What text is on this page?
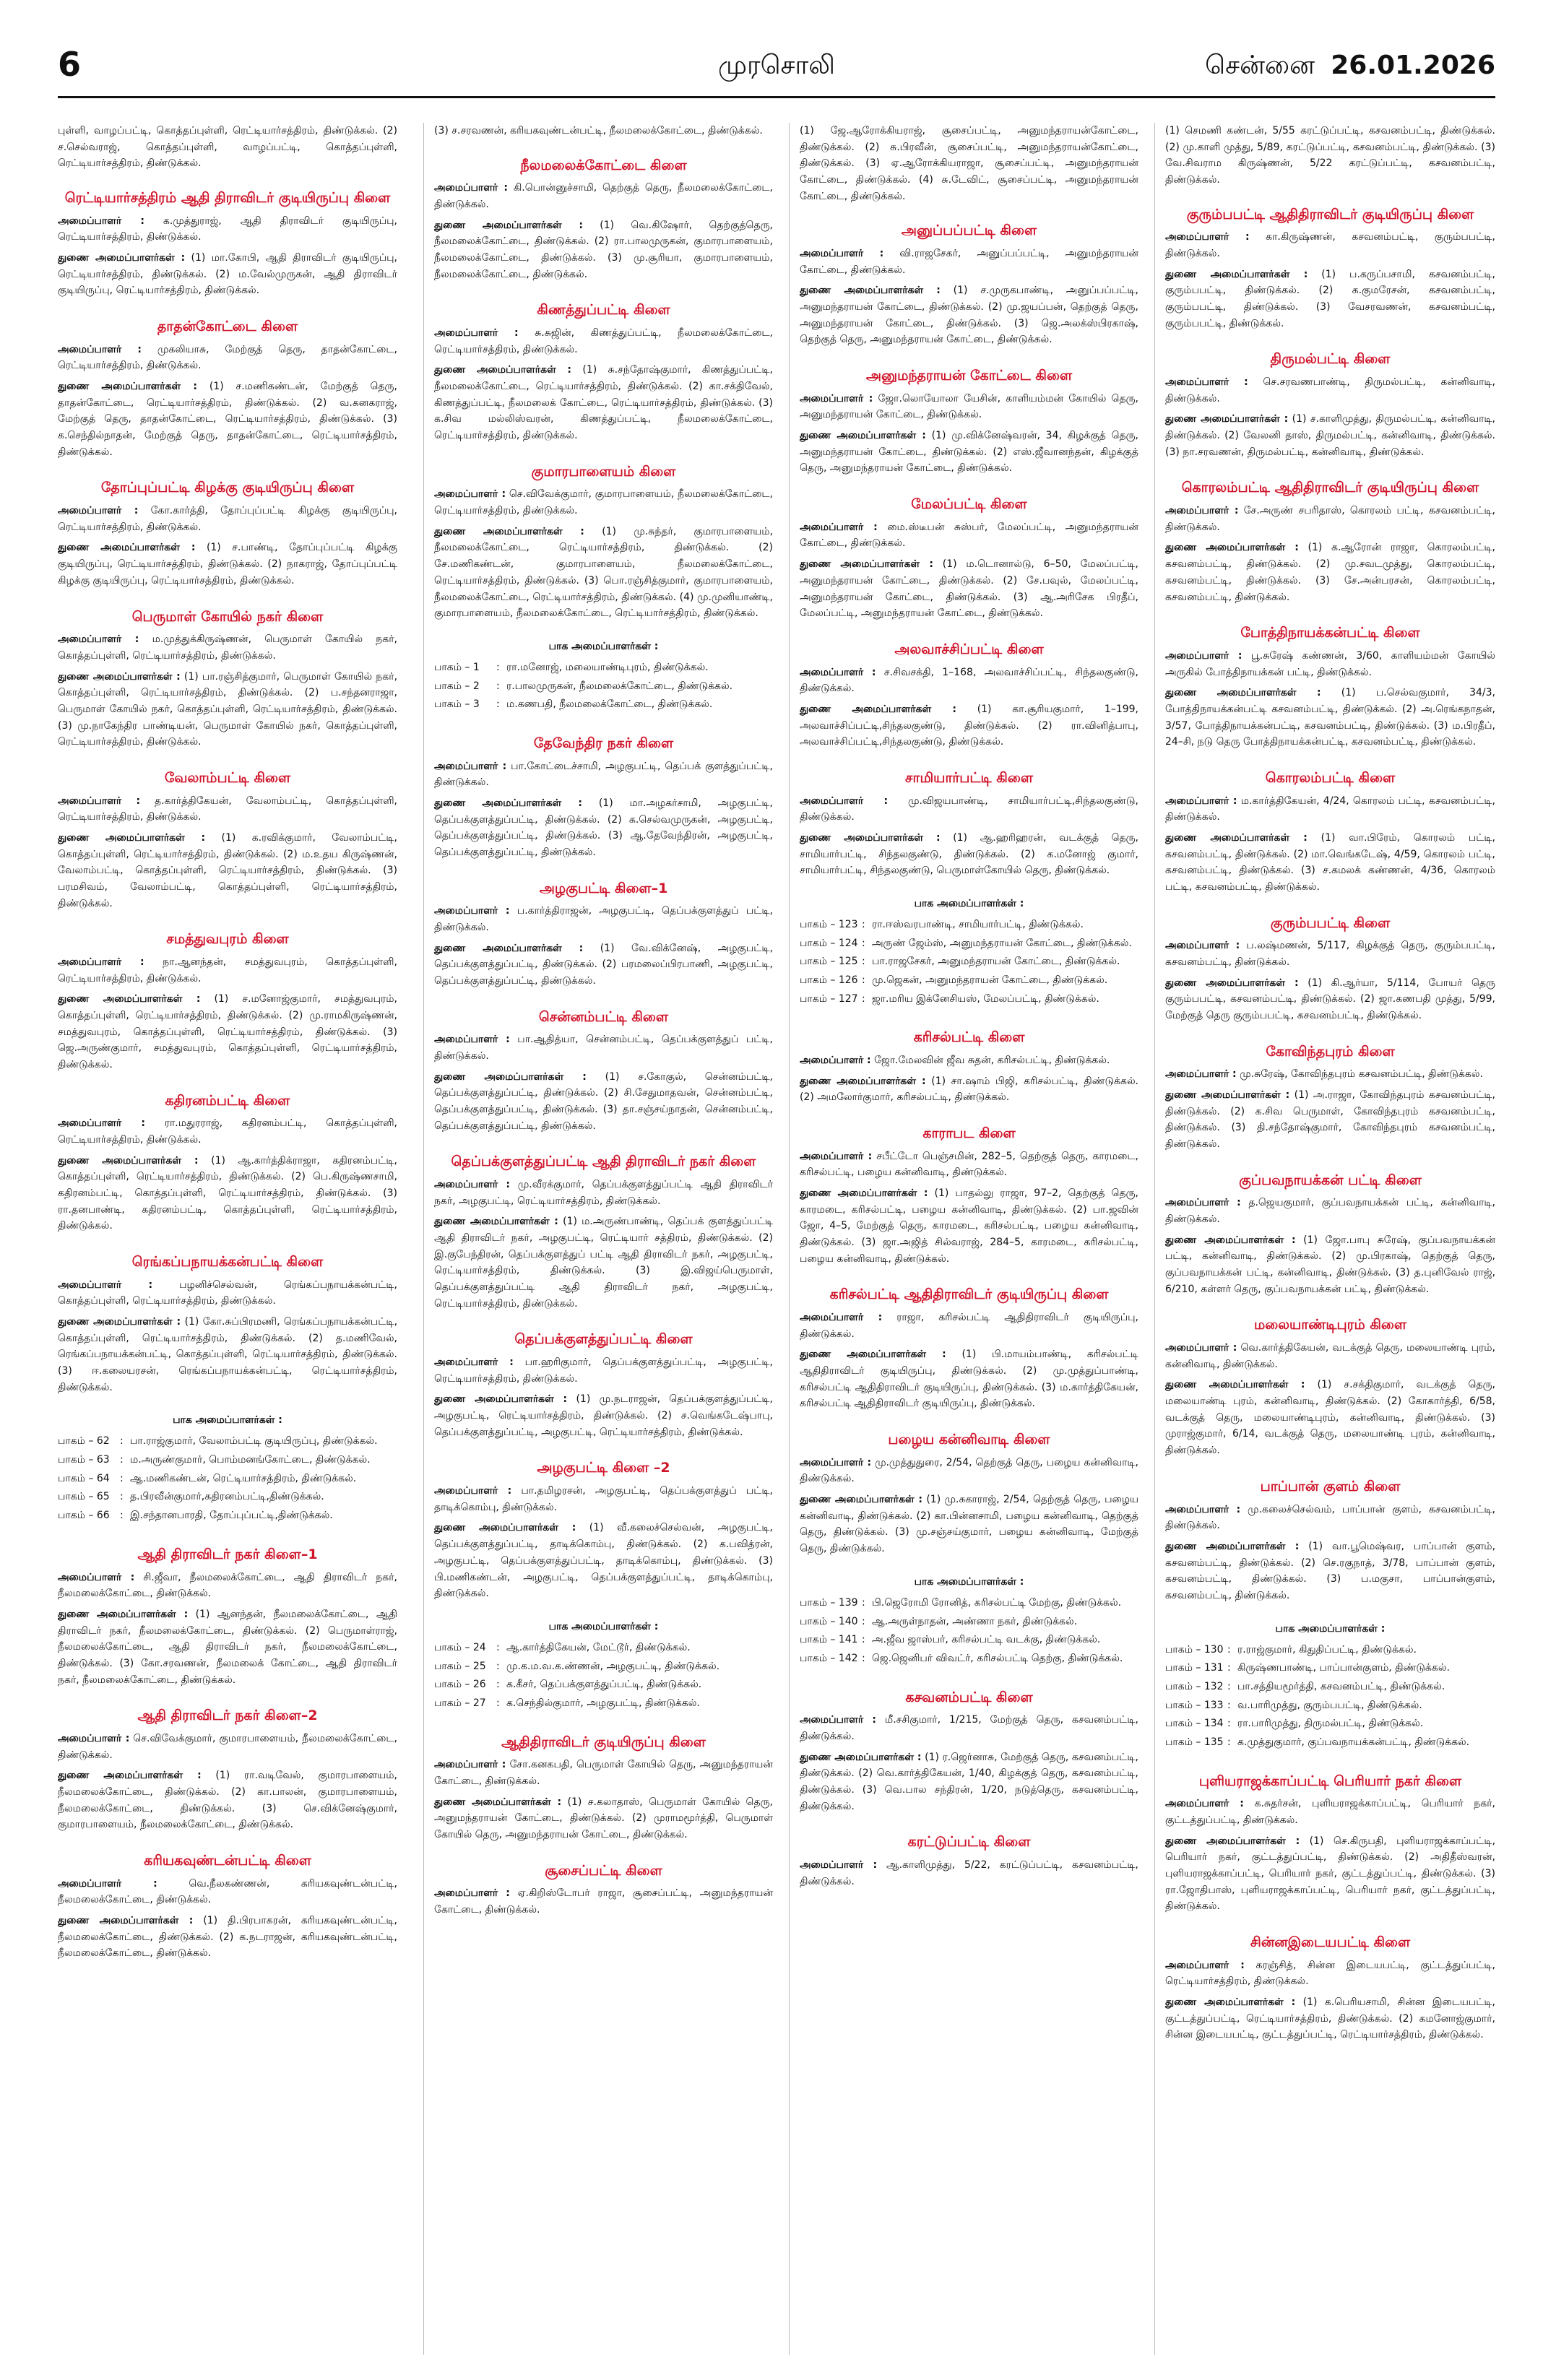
6	முரசொலி	சென்னை 26.01.2026
புள்ளி, வாழப்பட்டி, கொத்தப்புள்ளி, ரெட்டியார்சத்திரம், திண்டுக்கல். (2) ச.செல்வராஜ், கொத்தப்புள்ளி, வாழப்பட்டி, கொத்தப்புள்ளி, ரெட்டியார்சத்திரம், திண்டுக்கல்.
ரெட்டியார்சத்திரம் ஆதி திராவிடர் குடியிருப்பு கிளை
அமைப்பாளர் : க.முத்துராஜ், ஆதி திராவிடர் குடியிருப்பு, ரெட்டியார்சத்திரம், திண்டுக்கல்.
துணை அமைப்பாளர்கள் : (1) மா.கோபி, ஆதி திராவிடர் குடியிருப்பு, ரெட்டியார்சத்திரம், திண்டுக்கல். (2) ம.வேல்முருகன், ஆதி திராவிடர் குடியிருப்பு, ரெட்டியார்சத்திரம், திண்டுக்கல்.
தாதன்கோட்டை கிளை
அமைப்பாளர் : முகலியாசு, மேற்குத் தெரு, தாதன்கோட்டை, ரெட்டியார்சத்திரம், திண்டுக்கல்.
துணை அமைப்பாளர்கள் : (1) ச.மணிகண்டன், மேற்குத் தெரு, தாதன்கோட்டை, ரெட்டியார்சத்திரம், திண்டுக்கல். (2) வ.கனகராஜ், மேற்குத் தெரு, தாதன்கோட்டை, ரெட்டியார்சத்திரம், திண்டுக்கல். (3) க.செந்தில்நாதன், மேற்குத் தெரு, தாதன்கோட்டை, ரெட்டியார்சத்திரம், திண்டுக்கல்.
தோப்புப்பட்டி கிழக்கு குடியிருப்பு கிளை
அமைப்பாளர் : கோ.கார்த்தி, தோப்புப்பட்டி கிழக்கு குடியிருப்பு, ரெட்டியார்சத்திரம், திண்டுக்கல்.
துணை அமைப்பாளர்கள் : (1) ச.பாண்டி, தோப்புப்பட்டி கிழக்கு குடியிருப்பு, ரெட்டியார்சத்திரம், திண்டுக்கல். (2) நாகராஜ், தோப்புப்பட்டி கிழக்கு குடியிருப்பு, ரெட்டியார்சத்திரம், திண்டுக்கல்.
பெருமாள் கோயில் நகர் கிளை
அமைப்பாளர் : ம.முத்துக்கிருஷ்ணன், பெருமாள் கோயில் நகர், கொத்தப்புள்ளி, ரெட்டியார்சத்திரம், திண்டுக்கல்.
துணை அமைப்பாளர்கள் : (1) பா.ரஞ்சித்குமார், பெருமாள் கோயில் நகர், கொத்தப்புள்ளி, ரெட்டியார்சத்திரம், திண்டுக்கல். (2) ப.சந்தனராஜா, பெருமாள் கோயில் நகர், கொத்தப்புள்ளி, ரெட்டியார்சத்திரம், திண்டுக்கல். (3) மு.நாகேந்திர பாண்டியன், பெருமாள் கோயில் நகர், கொத்தப்புள்ளி, ரெட்டியார்சத்திரம், திண்டுக்கல்.
வேலாம்பட்டி கிளை
அமைப்பாளர் : த.கார்த்திகேயன், வேலாம்பட்டி, கொத்தப்புள்ளி, ரெட்டியார்சத்திரம், திண்டுக்கல்.
துணை அமைப்பாளர்கள் : (1) க.ரவிக்குமார், வேலாம்பட்டி, கொத்தப்புள்ளி, ரெட்டியார்சத்திரம், திண்டுக்கல். (2) ம.உதய கிருஷ்ணன், வேலாம்பட்டி, கொத்தப்புள்ளி, ரெட்டியார்சத்திரம், திண்டுக்கல். (3) பரமசிவம், வேலாம்பட்டி, கொத்தப்புள்ளி, ரெட்டியார்சத்திரம், திண்டுக்கல்.
சமத்துவபுரம் கிளை
அமைப்பாளர் : நா.ஆனந்தன், சமத்துவபுரம், கொத்தப்புள்ளி, ரெட்டியார்சத்திரம், திண்டுக்கல்.
துணை அமைப்பாளர்கள் : (1) ச.மனோஜ்குமார், சமத்துவபுரம், கொத்தப்புள்ளி, ரெட்டியார்சத்திரம், திண்டுக்கல். (2) மு.ராமகிருஷ்ணன், சமத்துவபுரம், கொத்தப்புள்ளி, ரெட்டியார்சத்திரம், திண்டுக்கல். (3) ஜெ.அருண்குமார், சமத்துவபுரம், கொத்தப்புள்ளி, ரெட்டியார்சத்திரம், திண்டுக்கல்.
கதிரனம்பட்டி கிளை
அமைப்பாளர் : ரா.மதுரராஜ், கதிரனம்பட்டி, கொத்தப்புள்ளி, ரெட்டியார்சத்திரம், திண்டுக்கல்.
துணை அமைப்பாளர்கள் : (1) ஆ.கார்த்திக்ராஜா, கதிரனம்பட்டி, கொத்தப்புள்ளி, ரெட்டியார்சத்திரம், திண்டுக்கல். (2) பெ.கிருஷ்ணசாமி, கதிரனம்பட்டி, கொத்தப்புள்ளி, ரெட்டியார்சத்திரம், திண்டுக்கல். (3) ரா.தனபாண்டி, கதிரனம்பட்டி, கொத்தப்புள்ளி, ரெட்டியார்சத்திரம், திண்டுக்கல்.
ரெங்கப்பநாயக்கன்பட்டி கிளை
அமைப்பாளர் :	பழனிச்செல்வன், ரெங்கப்பநாயக்கன்பட்டி, கொத்தப்புள்ளி, ரெட்டியார்சத்திரம், திண்டுக்கல்.
துணை அமைப்பாளர்கள் : (1) கோ.சுப்பிரமணி, ரெங்கப்பநாயக்கன்பட்டி, கொத்தப்புள்ளி, ரெட்டியார்சத்திரம், திண்டுக்கல். (2) த.மணிவேல், ரெங்கப்பநாயக்கன்பட்டி, கொத்தப்புள்ளி, ரெட்டியார்சத்திரம், திண்டுக்கல். (3) ஈ.கலையரசன், ரெங்கப்பநாயக்கன்பட்டி, ரெட்டியார்சத்திரம், திண்டுக்கல்.
பாக அமைப்பாளர்கள் :
பாகம் – 62	: பா.ராஜ்குமார், வேலாம்பட்டி குடியிருப்பு, திண்டுக்கல்.
பாகம் – 63	: ம.அருண்குமார், பொம்மனங்கோட்டை, திண்டுக்கல்.
பாகம் – 64	: ஆ.மணிகண்டன், ரெட்டியார்சத்திரம், திண்டுக்கல்.
பாகம் – 65	: த.பிரவீன்குமார்,கதிரனம்பட்டி,திண்டுக்கல்.
பாகம் – 66	: இ.சந்தானபாரதி, தோப்புப்பட்டி,திண்டுக்கல்.
ஆதி திராவிடர் நகர் கிளை–1
அமைப்பாளர் : சி.ஜீவா, நீலமலைக்கோட்டை, ஆதி திராவிடர் நகர், நீலமலைக்கோட்டை, திண்டுக்கல்.
துணை அமைப்பாளர்கள் : (1) ஆனந்தன், நீலமலைக்கோட்டை, ஆதி திராவிடர் நகர், நீலமலைக்கோட்டை, திண்டுக்கல். (2) பெருமாள்ராஜ், நீலமலைக்கோட்டை, ஆதி திராவிடர் நகர், நீலமலைக்கோட்டை, திண்டுக்கல். (3) கோ.சரவணன், நீலமலைக் கோட்டை, ஆதி திராவிடர் நகர், நீலமலைக்கோட்டை, திண்டுக்கல்.
ஆதி திராவிடர் நகர் கிளை–2
அமைப்பாளர் : செ.விவேக்குமார், குமாரபாளையம், நீலமலைக்கோட்டை, திண்டுக்கல்.
துணை அமைப்பாளர்கள் : (1) ரா.வடிவேல், குமாரபாளையம், நீலமலைக்கோட்டை, திண்டுக்கல். (2) கா.பாலன், குமாரபாளையம், நீலமலைக்கோட்டை, திண்டுக்கல். (3) செ.விக்னேஷ்குமார், குமாரபாளையம், நீலமலைக்கோட்டை, திண்டுக்கல்.
கரியகவுண்டன்பட்டி கிளை
அமைப்பாளர் :	வெ.நீலகண்ணன், கரியகவுண்டன்பட்டி, நீலமலைக்கோட்டை, திண்டுக்கல்.
துணை அமைப்பாளர்கள் : (1) தி.பிரபாகரன், கரியகவுண்டன்பட்டி, நீலமலைக்கோட்டை, திண்டுக்கல். (2) க.நடராஜன், கரியகவுண்டன்பட்டி, நீலமலைக்கோட்டை, திண்டுக்கல்.
(3) ச.சரவணன், கரியகவுண்டன்பட்டி, நீலமலைக்கோட்டை, திண்டுக்கல்.
நீலமலைக்கோட்டை கிளை
அமைப்பாளர் : கி.பொன்னுச்சாமி, தெற்குத் தெரு, நீலமலைக்கோட்டை, திண்டுக்கல்.
துணை அமைப்பாளர்கள் : (1) வெ.கிஷோர், தெற்குத்தெரு, நீலமலைக்கோட்டை, திண்டுக்கல். (2) ரா.பாலமுருகன், குமாரபாளையம், நீலமலைக்கோட்டை, திண்டுக்கல். (3) மு.சூரியா, குமாரபாளையம், நீலமலைக்கோட்டை, திண்டுக்கல்.
கிணத்துப்பட்டி கிளை
அமைப்பாளர் : சு.சுஜின், கிணத்துப்பட்டி, நீலமலைக்கோட்டை, ரெட்டியார்சத்திரம், திண்டுக்கல்.
துணை அமைப்பாளர்கள் : (1) சு.சந்தோஷ்குமார், கிணத்துப்பட்டி, நீலமலைக்கோட்டை, ரெட்டியார்சத்திரம், திண்டுக்கல். (2) கா.சக்திவேல், கிணத்துப்பட்டி, நீலமலைக் கோட்டை, ரெட்டியார்சத்திரம், திண்டுக்கல். (3) க.சிவ மல்லிஸ்வரன், கிணத்துப்பட்டி, நீலமலைக்கோட்டை, ரெட்டியார்சத்திரம், திண்டுக்கல்.
குமாரபாளையம் கிளை
அமைப்பாளர் : செ.விவேக்குமார், குமாரபாளையம், நீலமலைக்கோட்டை, ரெட்டியார்சத்திரம், திண்டுக்கல்.
துணை அமைப்பாளர்கள் : (1) மு.சுந்தர், குமாரபாளையம், நீலமலைக்கோட்டை, ரெட்டியார்சத்திரம், திண்டுக்கல். (2) சே.மணிகண்டன், குமாரபாளையம், நீலமலைக்கோட்டை, ரெட்டியார்சத்திரம், திண்டுக்கல். (3) பொ.ரஞ்சித்குமார், குமாரபாளையம், நீலமலைக்கோட்டை, ரெட்டியார்சத்திரம், திண்டுக்கல். (4) மு.முனியாண்டி, குமாரபாளையம், நீலமலைக்கோட்டை, ரெட்டியார்சத்திரம், திண்டுக்கல்.
பாக அமைப்பாளர்கள் :
பாகம் – 1	: ரா.மனோஜ், மலையாண்டிபுரம், திண்டுக்கல்.
பாகம் – 2	: ர.பாலமுருகன், நீலமலைக்கோட்டை, திண்டுக்கல்.
பாகம் – 3	: ம.கணபதி, நீலமலைக்கோட்டை, திண்டுக்கல்.
தேவேந்திர நகர் கிளை
அமைப்பாளர் : பா.கோட்டைச்சாமி, அழகுபட்டி, தெப்பக் குளத்துப்பட்டி, திண்டுக்கல்.
துணை அமைப்பாளர்கள் : (1) மா.அழகர்சாமி, அழகுபட்டி, தெப்பக்குளத்துப்பட்டி, திண்டுக்கல். (2) க.செல்வமுருகன், அழகுபட்டி, தெப்பக்குளத்துப்பட்டி, திண்டுக்கல். (3) ஆ.தேவேந்திரன், அழகுபட்டி, தெப்பக்குளத்துப்பட்டி, திண்டுக்கல்.
அழகுபட்டி கிளை–1
அமைப்பாளர் : ப.கார்த்திராஜன், அழகுபட்டி, தெப்பக்குளத்துப் பட்டி, திண்டுக்கல்.
துணை அமைப்பாளர்கள் : (1) வே.விக்னேஷ், அழகுபட்டி, தெப்பக்குளத்துப்பட்டி, திண்டுக்கல். (2) பரமலைப்பிரபாணி, அழகுபட்டி, தெப்பக்குளத்துப்பட்டி, திண்டுக்கல்.
சென்னம்பட்டி கிளை
அமைப்பாளர் : பா.ஆதித்யா, சென்னம்பட்டி, தெப்பக்குளத்துப் பட்டி, திண்டுக்கல்.
துணை அமைப்பாளர்கள் : (1) ச.கோகுல், சென்னம்பட்டி, தெப்பக்குளத்துப்பட்டி, திண்டுக்கல். (2) சி.சேதுமாதவன், சென்னம்பட்டி, தெப்பக்குளத்துப்பட்டி, திண்டுக்கல். (3) தா.சஞ்சய்நாதன், சென்னம்பட்டி, தெப்பக்குளத்துப்பட்டி, திண்டுக்கல்.
தெப்பக்குளத்துப்பட்டி ஆதி திராவிடர் நகர் கிளை
அமைப்பாளர் : மு.வீரக்குமார், தெப்பக்குளத்துப்பட்டி ஆதி திராவிடர் நகர், அழகுபட்டி, ரெட்டியார்சத்திரம், திண்டுக்கல்.
துணை அமைப்பாளர்கள் : (1) ம.அருண்பாண்டி, தெப்பக் குளத்துப்பட்டி ஆதி திராவிடர் நகர், அழகுபட்டி, ரெட்டியார் சத்திரம், திண்டுக்கல். (2) இ.குபேந்திரன், தெப்பக்குளத்துப் பட்டி ஆதி திராவிடர் நகர், அழகுபட்டி, ரெட்டியார்சத்திரம், திண்டுக்கல். (3) இ.விஜய்பெருமாள், தெப்பக்குளத்துப்பட்டி ஆதி திராவிடர் நகர், அழகுபட்டி, ரெட்டியார்சத்திரம், திண்டுக்கல்.
தெப்பக்குளத்துப்பட்டி கிளை
அமைப்பாளர் : பா.ஹரிகுமார், தெப்பக்குளத்துப்பட்டி, அழகுபட்டி, ரெட்டியார்சத்திரம், திண்டுக்கல்.
துணை அமைப்பாளர்கள் : (1) மு.நடராஜன், தெப்பக்குளத்துப்பட்டி, அழகுபட்டி, ரெட்டியார்சத்திரம், திண்டுக்கல். (2) ச.வெங்கடேஷ்பாபு, தெப்பக்குளத்துப்பட்டி, அழகுபட்டி, ரெட்டியார்சத்திரம், திண்டுக்கல்.
அழகுபட்டி கிளை –2
அமைப்பாளர் : பா.தமிழரசன், அழகுபட்டி, தெப்பக்குளத்துப் பட்டி, தாடிக்கொம்பு, திண்டுக்கல்.
துணை அமைப்பாளர்கள் : (1) வீ.கலைச்செல்வன், அழகுபட்டி, தெப்பக்குளத்துப்பட்டி, தாடிக்கொம்பு, திண்டுக்கல். (2) க.பவித்ரன், அழகுபட்டி, தெப்பக்குளத்துப்பட்டி, தாடிக்கொம்பு, திண்டுக்கல். (3) பி.மணிகண்டன், அழகுபட்டி, தெப்பக்குளத்துப்பட்டி, தாடிக்கொம்பு, திண்டுக்கல்.
பாக அமைப்பாளர்கள் :
பாகம் – 24	: ஆ.கார்த்திகேயன், மேட்டூர், திண்டுக்கல்.
பாகம் – 25	: மு.க.ம.வ.க.ண்ணன், அழகுபட்டி, திண்டுக்கல்.
பாகம் – 26	: க.கீசர், தெப்பக்குளத்துப்பட்டி, திண்டுக்கல்.
பாகம் – 27	: க.செந்தில்குமார், அழகுபட்டி, திண்டுக்கல்.
ஆதிதிராவிடர் குடியிருப்பு கிளை
அமைப்பாளர் : சோ.கனகபதி, பெருமாள் கோயில் தெரு, அனுமந்தராயன் கோட்டை, திண்டுக்கல்.
துணை அமைப்பாளர்கள் : (1) ச.கலாதாஸ், பெருமாள் கோயில் தெரு, அனுமந்தராயன் கோட்டை, திண்டுக்கல். (2) முராமமூர்த்தி, பெருமாள் கோயில் தெரு, அனுமந்தராயன் கோட்டை, திண்டுக்கல்.
சூசைப்பட்டி கிளை
அமைப்பாளர் : ஏ.கிறிஸ்டோபர் ராஜா, சூசைப்பட்டி, அனுமந்தராயன் கோட்டை, திண்டுக்கல்.
(1) ஜே.ஆரோக்கியராஜ், சூசைப்பட்டி, அனுமந்தராயன்கோட்டை, திண்டுக்கல். (2) சு.பிரவீன், சூசைப்பட்டி, அனுமந்தராயன்கோட்டை, திண்டுக்கல். (3) ஏ.ஆரோக்கியராஜா, சூசைப்பட்டி, அனுமந்தராயன் கோட்டை, திண்டுக்கல். (4) சு.டேவிட், சூசைப்பட்டி, அனுமந்தராயன் கோட்டை, திண்டுக்கல்.
அனுப்பப்பட்டி கிளை
அமைப்பாளர் : வி.ராஜசேகர், அனுப்பப்பட்டி, அனுமந்தராயன் கோட்டை, திண்டுக்கல்.
துணை அமைப்பாளர்கள் : (1) ச.முருகபாண்டி, அனுப்பப்பட்டி, அனுமந்தராயன் கோட்டை, திண்டுக்கல். (2) மு.ஜயப்பன், தெற்குத் தெரு, அனுமந்தராயன் கோட்டை, திண்டுக்கல். (3) ஜெ.அலக்ஸ்பிரகாஷ், தெற்குத் தெரு, அனுமந்தராயன் கோட்டை, திண்டுக்கல்.
அனுமந்தராயன் கோட்டை கிளை
அமைப்பாளர் : ஜோ.லொயோலா யேசின், காளியம்மன் கோயில் தெரு, அனுமந்தராயன் கோட்டை, திண்டுக்கல்.
துணை அமைப்பாளர்கள் : (1) மு.விக்னேஷ்வரன், 34, கிழக்குத் தெரு, அனுமந்தராயன் கோட்டை, திண்டுக்கல். (2) எஸ்.ஜீவானந்தன், கிழக்குத் தெரு, அனுமந்தராயன் கோட்டை, திண்டுக்கல்.
மேலப்பட்டி கிளை
அமைப்பாளர் : மை.ஸ்டீபன் சுஸ்பர், மேலப்பட்டி, அனுமந்தராயன் கோட்டை, திண்டுக்கல்.
துணை அமைப்பாளர்கள் : (1) ம.டொனால்டு, 6–50, மேலப்பட்டி, அனுமந்தராயன் கோட்டை, திண்டுக்கல். (2) சே.பவுல், மேலப்பட்டி, அனுமந்தராயன் கோட்டை, திண்டுக்கல். (3) ஆ.அரிசேக பிரதீப், மேலப்பட்டி, அனுமந்தராயன் கோட்டை, திண்டுக்கல்.
அலவாச்சிப்பட்டி கிளை
அமைப்பாளர் : ச.சிவசக்தி, 1–168, அலவாச்சிப்பட்டி, சிந்தலகுண்டு, திண்டுக்கல்.
துணை அமைப்பாளர்கள் : (1) கா.சூரியகுமார், 1–199, அலவாச்சிப்பட்டி,சிந்தலகுண்டு, திண்டுக்கல். (2) ரா.வினித்பாபு, அலவாச்சிப்பட்டி,சிந்தலகுண்டு, திண்டுக்கல்.
சாமியார்பட்டி கிளை
அமைப்பாளர் : மு.விஜயபாண்டி, சாமியார்பட்டி,சிந்தலகுண்டு, திண்டுக்கல்.
துணை அமைப்பாளர்கள் : (1) ஆ.ஹரிஹரன், வடக்குத் தெரு, சாமியார்பட்டி, சிந்தலகுண்டு, திண்டுக்கல். (2) க.மனோஜ் குமார், சாமியார்பட்டி, சிந்தலகுண்டு, பெருமாள்கோயில் தெரு, திண்டுக்கல்.
பாக அமைப்பாளர்கள் :
பாகம் – 123 : ரா.ஈஸ்வரபாண்டி, சாமியார்பட்டி, திண்டுக்கல்.
பாகம் – 124 : அருண் ஜேம்ஸ், அனுமந்தராயன் கோட்டை, திண்டுக்கல்.
பாகம் – 125 : பா.ராஜசேகர், அனுமந்தராயன் கோட்டை, திண்டுக்கல்.
பாகம் – 126 : மு.ஜெகன், அனுமந்தராயன் கோட்டை, திண்டுக்கல்.
பாகம் – 127 : ஜா.மரிய இக்னேசியஸ், மேலப்பட்டி, திண்டுக்கல்.
கரிசல்பட்டி கிளை
அமைப்பாளர் : ஜோ.மேலவின் ஜீவ சுதன், கரிசல்பட்டி, திண்டுக்கல்.
துணை அமைப்பாளர்கள் : (1) சா.ஷாம் பிஜி, கரிசல்பட்டி, திண்டுக்கல். (2) அமலோர்குமார், கரிசல்பட்டி, திண்டுக்கல்.
காராபட கிளை
அமைப்பாளர் : சபீட்டோ பெஞ்சமின், 282–5, தெற்குத் தெரு, காரமடை, கரிசல்பட்டி, பழைய கன்னிவாடி, திண்டுக்கல்.
துணை அமைப்பாளர்கள் : (1) பாதல்லு ராஜா, 97–2, தெற்குத் தெரு, காரமடை, கரிசல்பட்டி, பழைய கன்னிவாடி, திண்டுக்கல். (2) பா.ஜவின் ஜோ, 4–5, மேற்குத் தெரு, காரமடை, கரிசல்பட்டி, பழைய கன்னிவாடி, திண்டுக்கல். (3) ஜா.அஜித் சில்வராஜ், 284–5, காரமடை, கரிசல்பட்டி, பழைய கன்னிவாடி, திண்டுக்கல்.
கரிசல்பட்டி ஆதிதிராவிடர் குடியிருப்பு கிளை
அமைப்பாளர் : ராஜா, கரிசல்பட்டி ஆதிதிராவிடர் குடியிருப்பு, திண்டுக்கல்.
துணை அமைப்பாளர்கள் : (1) பி.மாயம்பாண்டி, கரிசல்பட்டி ஆதிதிராவிடர் குடியிருப்பு, திண்டுக்கல். (2) மு.முத்துப்பாண்டி, கரிசல்பட்டி ஆதிதிராவிடர் குடியிருப்பு, திண்டுக்கல். (3) ம.கார்த்திகேயன், கரிசல்பட்டி ஆதிதிராவிடர் குடியிருப்பு, திண்டுக்கல்.
பழைய கன்னிவாடி கிளை
அமைப்பாளர் : மு.முத்துதுரை, 2/54, தெற்குத் தெரு, பழைய கன்னிவாடி, திண்டுக்கல்.
துணை அமைப்பாளர்கள் : (1) மு.சுகாராஜ், 2/54, தெற்குத் தெரு, பழைய கன்னிவாடி, திண்டுக்கல். (2) கா.பின்னசாமி, பழைய கன்னிவாடி, தெற்குத் தெரு, திண்டுக்கல். (3) மு.சஞ்சய்குமார், பழைய கன்னிவாடி, மேற்குத் தெரு, திண்டுக்கல்.
பாக அமைப்பாளர்கள் :
பாகம் – 139 : பி.ஜெரோமி ரோனித், கரிசல்பட்டி மேற்கு, திண்டுக்கல்.
பாகம் – 140 : ஆ.அருள்நாதன், அண்ணா நகர், திண்டுக்கல்.
பாகம் – 141 : அ.ஜீவ ஜாஸ்பர், கரிசல்பட்டி வடக்கு, திண்டுக்கல்.
பாகம் – 142 : ஜெ.ஜெனிபர் விவட்ர், கரிசல்பட்டி தெற்கு, திண்டுக்கல்.
கசவனம்பட்டி கிளை
அமைப்பாளர் : மீ.சசிகுமார், 1/215, மேற்குத் தெரு, கசவனம்பட்டி, திண்டுக்கல்.
துணை அமைப்பாளர்கள் : (1) ர.ஜெர்னாசு, மேற்குத் தெரு, கசவனம்பட்டி, திண்டுக்கல். (2) வெ.கார்த்திகேயன், 1/40, கிழக்குத் தெரு, கசவனம்பட்டி, திண்டுக்கல். (3) வெ.பால சந்திரன், 1/20, நடுத்தெரு, கசவனம்பட்டி, திண்டுக்கல்.
கரட்டுப்பட்டி கிளை
அமைப்பாளர் : ஆ.காளிமுத்து, 5/22, கரட்டுப்பட்டி, கசவனம்பட்டி, திண்டுக்கல்.
(1) செமணி கண்டன், 5/55 கரட்டுப்பட்டி, கசவனம்பட்டி, திண்டுக்கல். (2) மு.காளி முத்து, 5/89, கரட்டுப்பட்டி, கசவனம்பட்டி, திண்டுக்கல். (3) வே.சிவராம கிருஷ்ணன், 5/22 கரட்டுப்பட்டி, கசவனம்பட்டி, திண்டுக்கல்.
குரும்பபட்டி ஆதிதிராவிடர் குடியிருப்பு கிளை
அமைப்பாளர் : கா.கிருஷ்ணன், கசவனம்பட்டி, குரும்பபட்டி, திண்டுக்கல்.
துணை அமைப்பாளர்கள் : (1) ப.கருப்பசாமி, கசவனம்பட்டி, குரும்பபட்டி, திண்டுக்கல். (2) க.குமரேசன், கசவனம்பட்டி, குரும்பபட்டி, திண்டுக்கல். (3) வேசரவணன், கசவனம்பட்டி, குரும்பபட்டி, திண்டுக்கல்.
திருமல்பட்டி கிளை
அமைப்பாளர் : செ.சரவணபாண்டி, திருமல்பட்டி, கன்னிவாடி, திண்டுக்கல்.
துணை அமைப்பாளர்கள் : (1) ச.காளிமுத்து, திருமல்பட்டி, கன்னிவாடி, திண்டுக்கல். (2) வேலனி தாஸ், திருமல்பட்டி, கன்னிவாடி, திண்டுக்கல். (3) நா.சரவணன், திருமல்பட்டி, கன்னிவாடி, திண்டுக்கல்.
கொரலம்பட்டி ஆதிதிராவிடர் குடியிருப்பு கிளை
அமைப்பாளர் : சே.அருண் சபரிதாஸ், கொரலம் பட்டி, கசவனம்பட்டி, திண்டுக்கல்.
துணை அமைப்பாளர்கள் : (1) க.ஆரோன் ராஜா, கொரலம்பட்டி, கசவனம்பட்டி, திண்டுக்கல். (2) மு.சவடமுத்து, கொரலம்பட்டி, கசவனம்பட்டி, திண்டுக்கல். (3) சே.அன்பரசன், கொரலம்பட்டி, கசவனம்பட்டி, திண்டுக்கல்.
போத்திநாயக்கன்பட்டி கிளை
அமைப்பாளர் : பூ.சுரேஷ் கண்ணன், 3/60, காளியம்மன் கோயில் அருகில் போத்திநாயக்கன் பட்டி, திண்டுக்கல்.
துணை அமைப்பாளர்கள் : (1) ப.செல்வகுமார், 34/3, போத்திநாயக்கன்பட்டி கசவனம்பட்டி, திண்டுக்கல். (2) அ.ரெங்கநாதன், 3/57, போத்திநாயக்கன்பட்டி, கசவனம்பட்டி, திண்டுக்கல். (3) ம.பிரதீப், 24–சி, நடு தெரு போத்திநாயக்கன்பட்டி, கசவனம்பட்டி, திண்டுக்கல்.
கொரலம்பட்டி கிளை
அமைப்பாளர் : ம.கார்த்திகேயன், 4/24, கொரலம் பட்டி, கசவனம்பட்டி, திண்டுக்கல்.
துணை அமைப்பாளர்கள் : (1) வா.பிரேம், கொரலம் பட்டி, கசவனம்பட்டி, திண்டுக்கல். (2) மா.வெங்கடேஷ், 4/59, கொரலம் பட்டி, கசவனம்பட்டி, திண்டுக்கல். (3) ச.கமலக் கண்ணன், 4/36, கொரலம் பட்டி, கசவனம்பட்டி, திண்டுக்கல்.
குரும்பபட்டி கிளை
அமைப்பாளர் : ப.லஷ்மணன், 5/117, கிழக்குத் தெரு, குரும்பபட்டி, கசவனம்பட்டி, திண்டுக்கல்.
துணை அமைப்பாளர்கள் : (1) கி.ஆர்யா, 5/114, போயர் தெரு குரும்பபட்டி, கசவனம்பட்டி, திண்டுக்கல். (2) ஜா.கணபதி முத்து, 5/99, மேற்குத் தெரு குரும்பபட்டி, கசவனம்பட்டி, திண்டுக்கல்.
கோவிந்தபுரம் கிளை
அமைப்பாளர் : மு.சுரேஷ், கோவிந்தபுரம் கசவனம்பட்டி, திண்டுக்கல்.
துணை அமைப்பாளர்கள் : (1) அ.ராஜா, கோவிந்தபுரம் கசவனம்பட்டி, திண்டுக்கல். (2) க.சிவ பெருமாள், கோவிந்தபுரம் கசவனம்பட்டி, திண்டுக்கல். (3) தி.சந்தோஷ்குமார், கோவிந்தபுரம் கசவனம்பட்டி, திண்டுக்கல்.
குப்பவநாயக்கன் பட்டி கிளை
அமைப்பாளர் : த.ஜெயகுமார், குப்பவநாயக்கன் பட்டி, கன்னிவாடி, திண்டுக்கல்.
துணை அமைப்பாளர்கள் : (1) ஜோ.பாபு சுரேஷ், குப்பவநாயக்கன் பட்டி, கன்னிவாடி, திண்டுக்கல். (2) மு.பிரகாஷ், தெற்குத் தெரு, குப்பவநாயக்கன் பட்டி, கன்னிவாடி, திண்டுக்கல். (3) த.புனிவேல் ராஜ், 6/210, கள்ளர் தெரு, குப்பவநாயக்கன் பட்டி, திண்டுக்கல்.
மலையாண்டிபுரம் கிளை
அமைப்பாளர் : வெ.கார்த்திகேயன், வடக்குத் தெரு, மலையாண்டி புரம், கன்னிவாடி, திண்டுக்கல்.
துணை அமைப்பாளர்கள் : (1) ச.சக்திகுமார், வடக்குத் தெரு, மலையாண்டி புரம், கன்னிவாடி, திண்டுக்கல். (2) கோகார்த்தி, 6/58, வடக்குத் தெரு, மலையாண்டிபுரம், கன்னிவாடி, திண்டுக்கல். (3) முராஜ்குமார், 6/14, வடக்குத் தெரு, மலையாண்டி புரம், கன்னிவாடி, திண்டுக்கல்.
பாப்பான் குளம் கிளை
அமைப்பாளர் : மு.கலைச்செல்வம், பாப்பான் குளம், கசவனம்பட்டி, திண்டுக்கல்.
துணை அமைப்பாளர்கள் : (1) வா.பூமெஷ்வர, பாப்பான் குளம், கசவனம்பட்டி, திண்டுக்கல். (2) செ.ரகுநாத், 3/78, பாப்பான் குளம், கசவனம்பட்டி, திண்டுக்கல். (3) ப.மகுசா, பாப்பான்குளம், கசவனம்பட்டி, திண்டுக்கல்.
பாக அமைப்பாளர்கள் :
பாகம் – 130 : ர.ராஜ்குமார், கிதுதிப்பட்டி, திண்டுக்கல்.
பாகம் – 131 : கிருஷ்ணபாண்டி, பாப்பான்குளம், திண்டுக்கல்.
பாகம் – 132 : பா.சத்தியமூர்த்தி, கசவனம்பட்டி, திண்டுக்கல்.
பாகம் – 133 : வ.பாரிமுத்து, குரும்பபட்டி, திண்டுக்கல்.
பாகம் – 134 : ரா.பாரிமுத்து, திருமல்பட்டி, திண்டுக்கல்.
பாகம் – 135 : க.முத்துகுமார், குப்பவநாயக்கன்பட்டி, திண்டுக்கல்.
புளியராஜக்காப்பட்டி பெரியார் நகர் கிளை
அமைப்பாளர் : க.சுதர்சன், புளியராஜக்காப்பட்டி, பெரியார் நகர், குட்டத்துப்பட்டி, திண்டுக்கல்.
துணை அமைப்பாளர்கள் : (1) செ.கிருபதி, புளியராஜக்காப்பட்டி, பெரியார் நகர், குட்டத்துப்பட்டி, திண்டுக்கல். (2) அதிதீஸ்வரன், புளியராஜக்காப்பட்டி, பெரியார் நகர், குட்டத்துப்பட்டி, திண்டுக்கல். (3) ரா.ஜோதிபாஸ், புளியராஜக்காப்பட்டி, பெரியார் நகர், குட்டத்துப்பட்டி, திண்டுக்கல்.
சின்னஇடையபட்டி கிளை
அமைப்பாளர் : கரஞ்சித், சின்ன இடையபட்டி, குட்டத்துப்பட்டி, ரெட்டியார்சத்திரம், திண்டுக்கல்.
துணை அமைப்பாளர்கள் : (1) க.பெரியசாமி, சின்ன இடையபட்டி, குட்டத்துப்பட்டி, ரெட்டியார்சத்திரம், திண்டுக்கல். (2) கமனோஜ்குமார், சின்ன இடையபட்டி, குட்டத்துப்பட்டி, ரெட்டியார்சத்திரம், திண்டுக்கல்.
